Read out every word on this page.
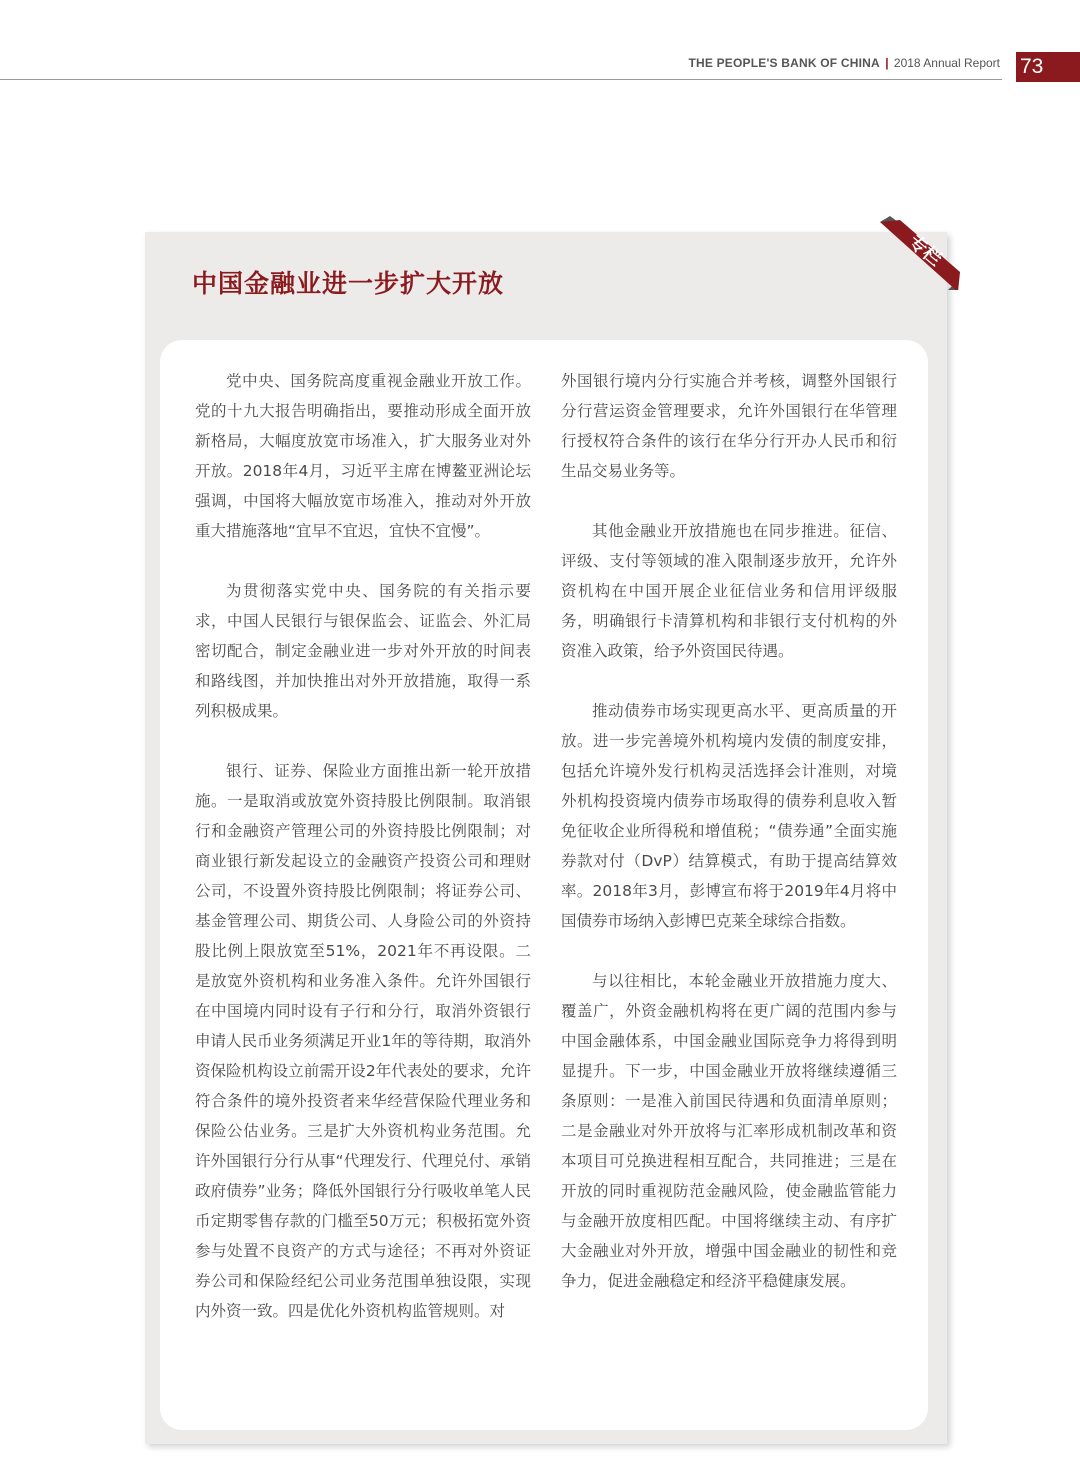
THE PEOPLE'S BANK OF CHINA | 2018 Annual Report 73
中国金融业进一步扩大开放
专栏

党中央、国务院高度重视金融业开放工作。党的十九大报告明确指出，要推动形成全面开放新格局，大幅度放宽市场准入，扩大服务业对外开放。2018年4月，习近平主席在博鳌亚洲论坛强调，中国将大幅放宽市场准入，推动对外开放重大措施落地“宜早不宜迟，宜快不宜慢”。

为贯彻落实党中央、国务院的有关指示要求，中国人民银行与银保监会、证监会、外汇局密切配合，制定金融业进一步对外开放的时间表和路线图，并加快推出对外开放措施，取得一系列积极成果。

银行、证券、保险业方面推出新一轮开放措施。一是取消或放宽外资持股比例限制。取消银行和金融资产管理公司的外资持股比例限制；对商业银行新发起设立的金融资产投资公司和理财公司，不设置外资持股比例限制；将证券公司、基金管理公司、期货公司、人身险公司的外资持股比例上限放宽至51%，2021年不再设限。二是放宽外资机构和业务准入条件。允许外国银行在中国境内同时设有子行和分行，取消外资银行申请人民币业务须满足开业1年的等待期，取消外资保险机构设立前需开设2年代表处的要求，允许符合条件的境外投资者来华经营保险代理业务和保险公估业务。三是扩大外资机构业务范围。允许外国银行分行从事“代理发行、代理兑付、承销政府债券”业务；降低外国银行分行吸收单笔人民币定期零售存款的门槛至50万元；积极拓宽外资参与处置不良资产的方式与途径；不再对外资证券公司和保险经纪公司业务范围单独设限，实现内外资一致。四是优化外资机构监管规则。对

外国银行境内分行实施合并考核，调整外国银行分行营运资金管理要求，允许外国银行在华管理行授权符合条件的该行在华分行开办人民币和衍生品交易业务等。

其他金融业开放措施也在同步推进。征信、评级、支付等领域的准入限制逐步放开，允许外资机构在中国开展企业征信业务和信用评级服务，明确银行卡清算机构和非银行支付机构的外资准入政策，给予外资国民待遇。

推动债券市场实现更高水平、更高质量的开放。进一步完善境外机构境内发债的制度安排，包括允许境外发行机构灵活选择会计准则，对境外机构投资境内债券市场取得的债券利息收入暂免征收企业所得税和增值税；“债券通”全面实施券款对付（DvP）结算模式，有助于提高结算效率。2018年3月，彭博宣布将于2019年4月将中国债券市场纳入彭博巴克莱全球综合指数。

与以往相比，本轮金融业开放措施力度大、覆盖广，外资金融机构将在更广阔的范围内参与中国金融体系，中国金融业国际竞争力将得到明显提升。下一步，中国金融业开放将继续遵循三条原则：一是准入前国民待遇和负面清单原则；二是金融业对外开放将与汇率形成机制改革和资本项目可兑换进程相互配合，共同推进；三是在开放的同时重视防范金融风险，使金融监管能力与金融开放度相匹配。中国将继续主动、有序扩大金融业对外开放，增强中国金融业的韧性和竞争力，促进金融稳定和经济平稳健康发展。
